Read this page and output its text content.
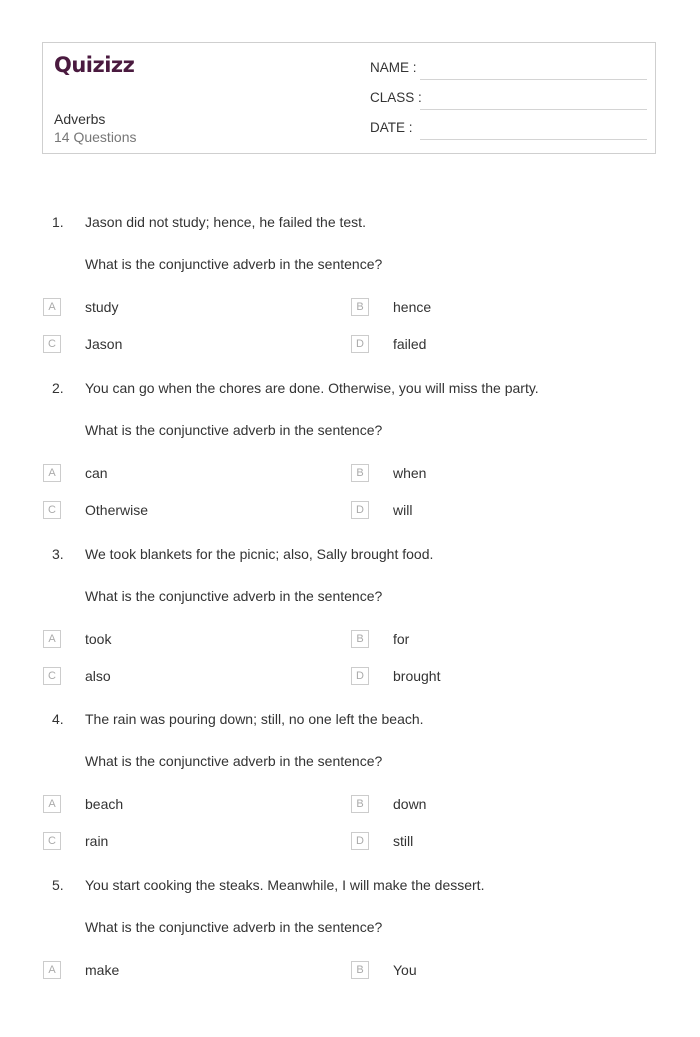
Quizizz
Adverbs
14 Questions
NAME :
CLASS :
DATE :
1. Jason did not study; hence, he failed the test.
What is the conjunctive adverb in the sentence?
A	study	B	hence
C	Jason	D	failed
2. You can go when the chores are done. Otherwise, you will miss the party.
What is the conjunctive adverb in the sentence?
A	can	B	when
C	Otherwise	D	will
3. We took blankets for the picnic; also, Sally brought food.
What is the conjunctive adverb in the sentence?
A	took	B	for
C	also	D	brought
4. The rain was pouring down; still, no one left the beach.
What is the conjunctive adverb in the sentence?
A	beach	B	down
C	rain	D	still
5. You start cooking the steaks. Meanwhile, I will make the dessert.
What is the conjunctive adverb in the sentence?
A	make	B	You
